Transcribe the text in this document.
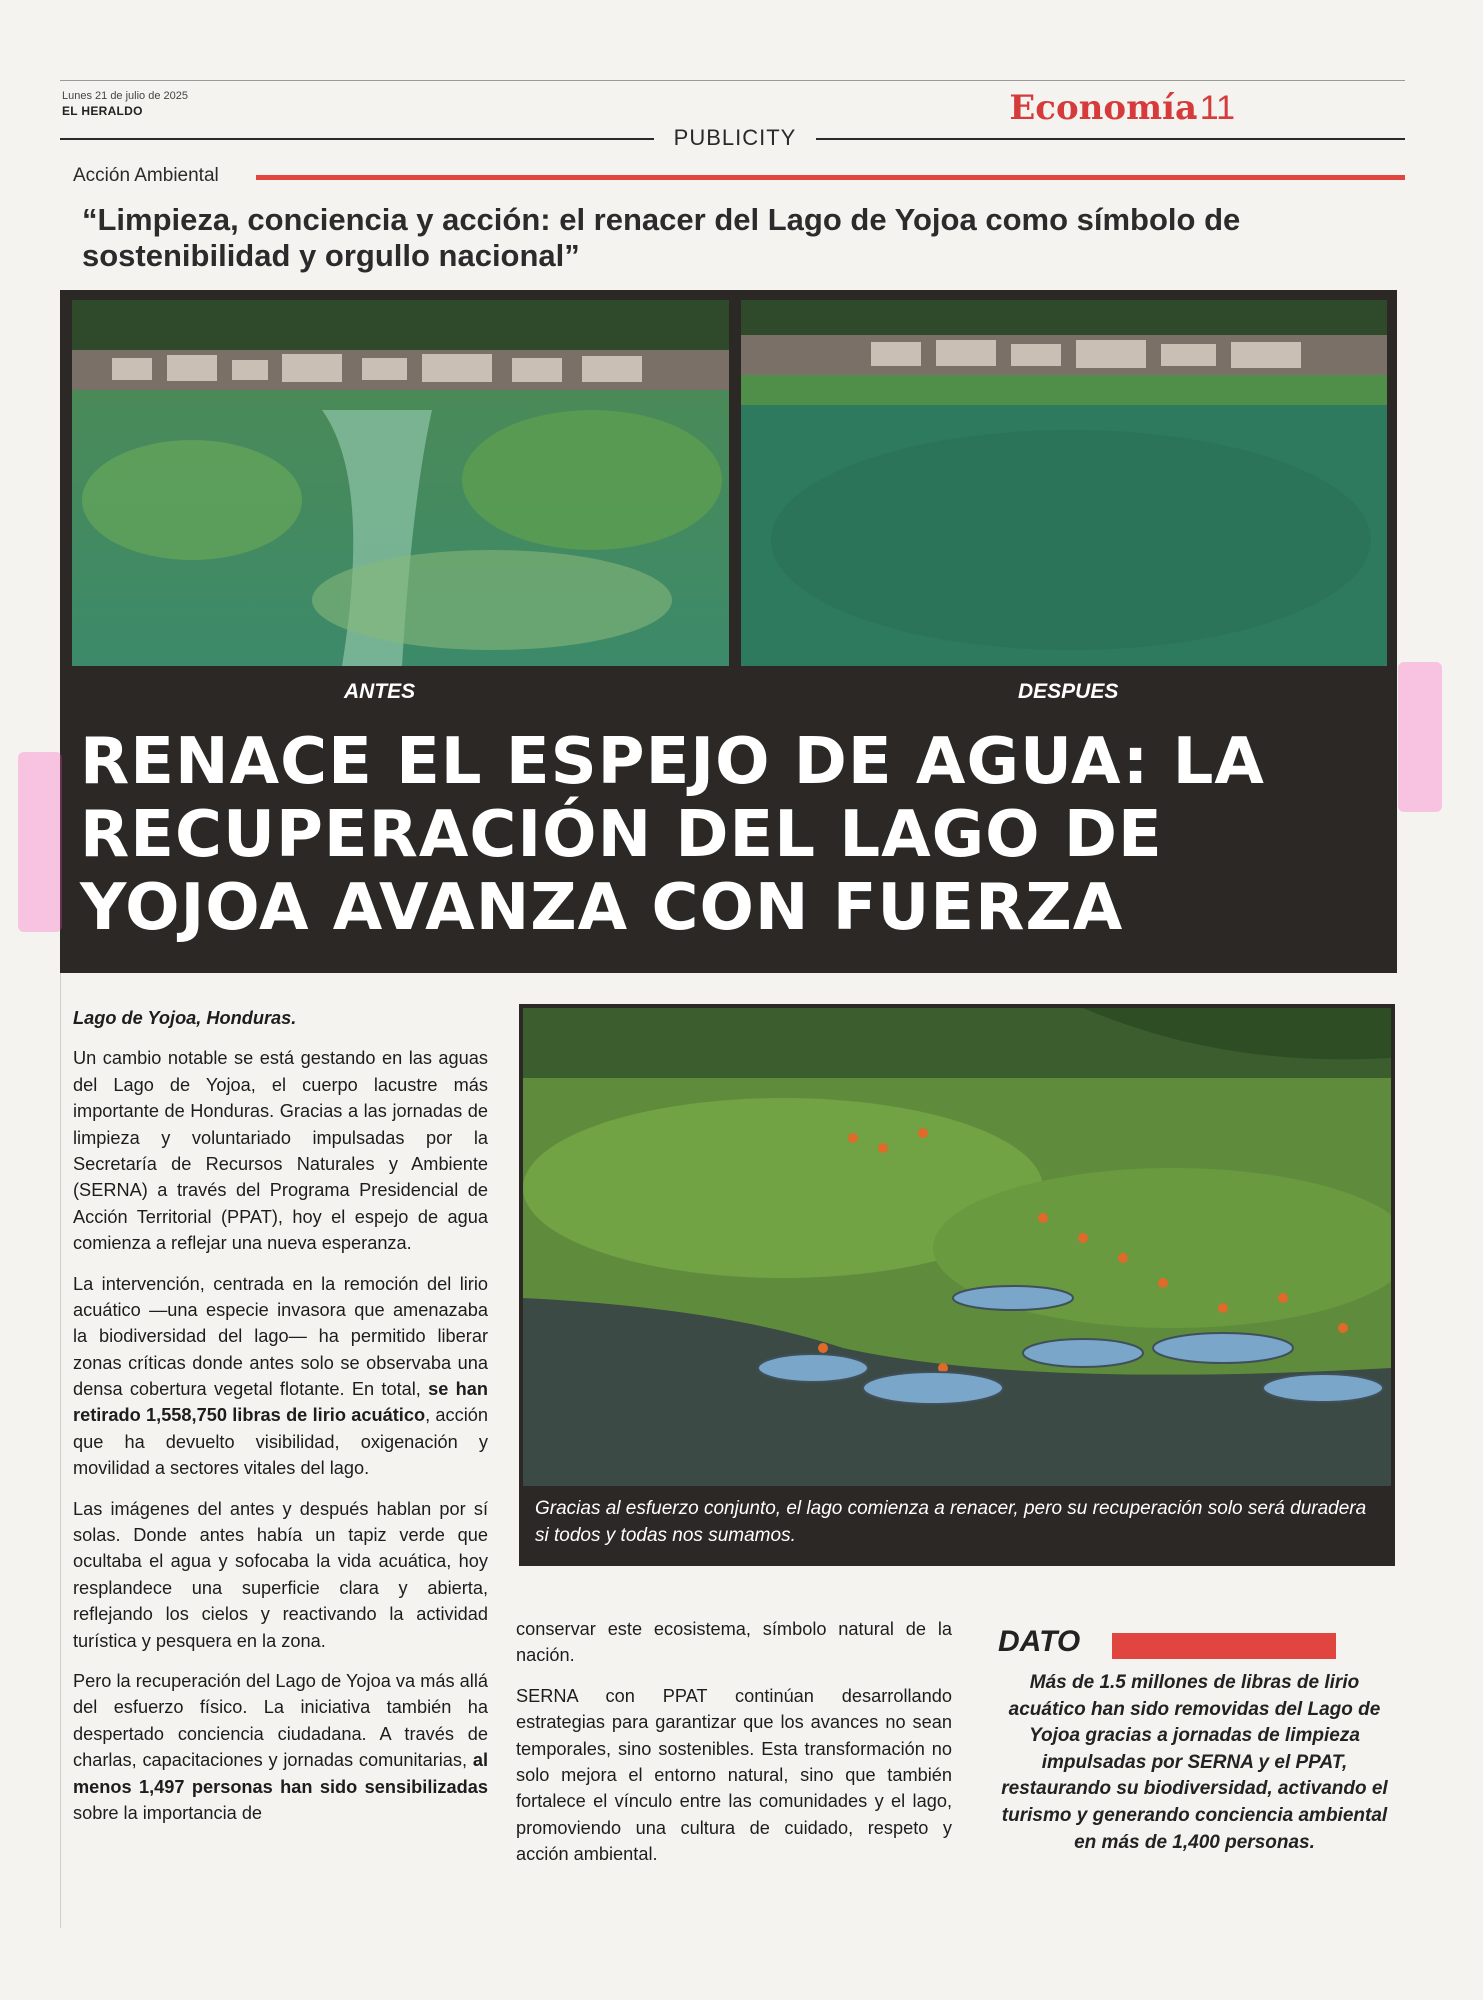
Lunes 21 de julio de 2025
EL HERALDO	Economía
.11
PUBLICITY
Acción Ambiental
“Limpieza, conciencia y acción: el renacer del Lago de Yojoa como símbolo de sostenibilidad y orgullo nacional”
ANTES	DESPUES
RENACE EL ESPEJO DE AGUA: LA RECUPERACIÓN DEL LAGO DE YOJOA AVANZA CON FUERZA
Lago de Yojoa, Honduras.

Un cambio notable se está gestando en las aguas del Lago de Yojoa, el cuerpo lacustre más importante de Honduras. Gracias a las jornadas de limpieza y voluntariado impulsadas por la Secretaría de Recursos Naturales y Ambiente (SERNA) a través del Programa Presidencial de Acción Territorial (PPAT), hoy el espejo de agua comienza a reflejar una nueva esperanza.

La intervención, centrada en la remoción del lirio acuático —una especie invasora que amenazaba la biodiversidad del lago— ha permitido liberar zonas críticas donde antes solo se observaba una densa cobertura vegetal flotante. En total, se han retirado 1,558,750 libras de lirio acuático, acción que ha devuelto visibilidad, oxigenación y movilidad a sectores vitales del lago.

Las imágenes del antes y después hablan por sí solas. Donde antes había un tapiz verde que ocultaba el agua y sofocaba la vida acuática, hoy resplandece una superficie clara y abierta, reflejando los cielos y reactivando la actividad turística y pesquera en la zona.

Pero la recuperación del Lago de Yojoa va más allá del esfuerzo físico. La iniciativa también ha despertado conciencia ciudadana. A través de charlas, capacitaciones y jornadas comunitarias, al menos 1,497 personas han sido sensibilizadas sobre la importancia de

Gracias al esfuerzo conjunto, el lago comienza a renacer, pero su recuperación solo será duradera si todos y todas nos sumamos.

conservar este ecosistema, símbolo natural de la nación.

SERNA con PPAT continúan desarrollando estrategias para garantizar que los avances no sean temporales, sino sostenibles. Esta transformación no solo mejora el entorno natural, sino que también fortalece el vínculo entre las comunidades y el lago, promoviendo una cultura de cuidado, respeto y acción ambiental.

DATO
Más de 1.5 millones de libras de lirio acuático han sido removidas del Lago de Yojoa gracias a jornadas de limpieza impulsadas por SERNA y el PPAT, restaurando su biodiversidad, activando el turismo y generando conciencia ambiental en más de 1,400 personas.
